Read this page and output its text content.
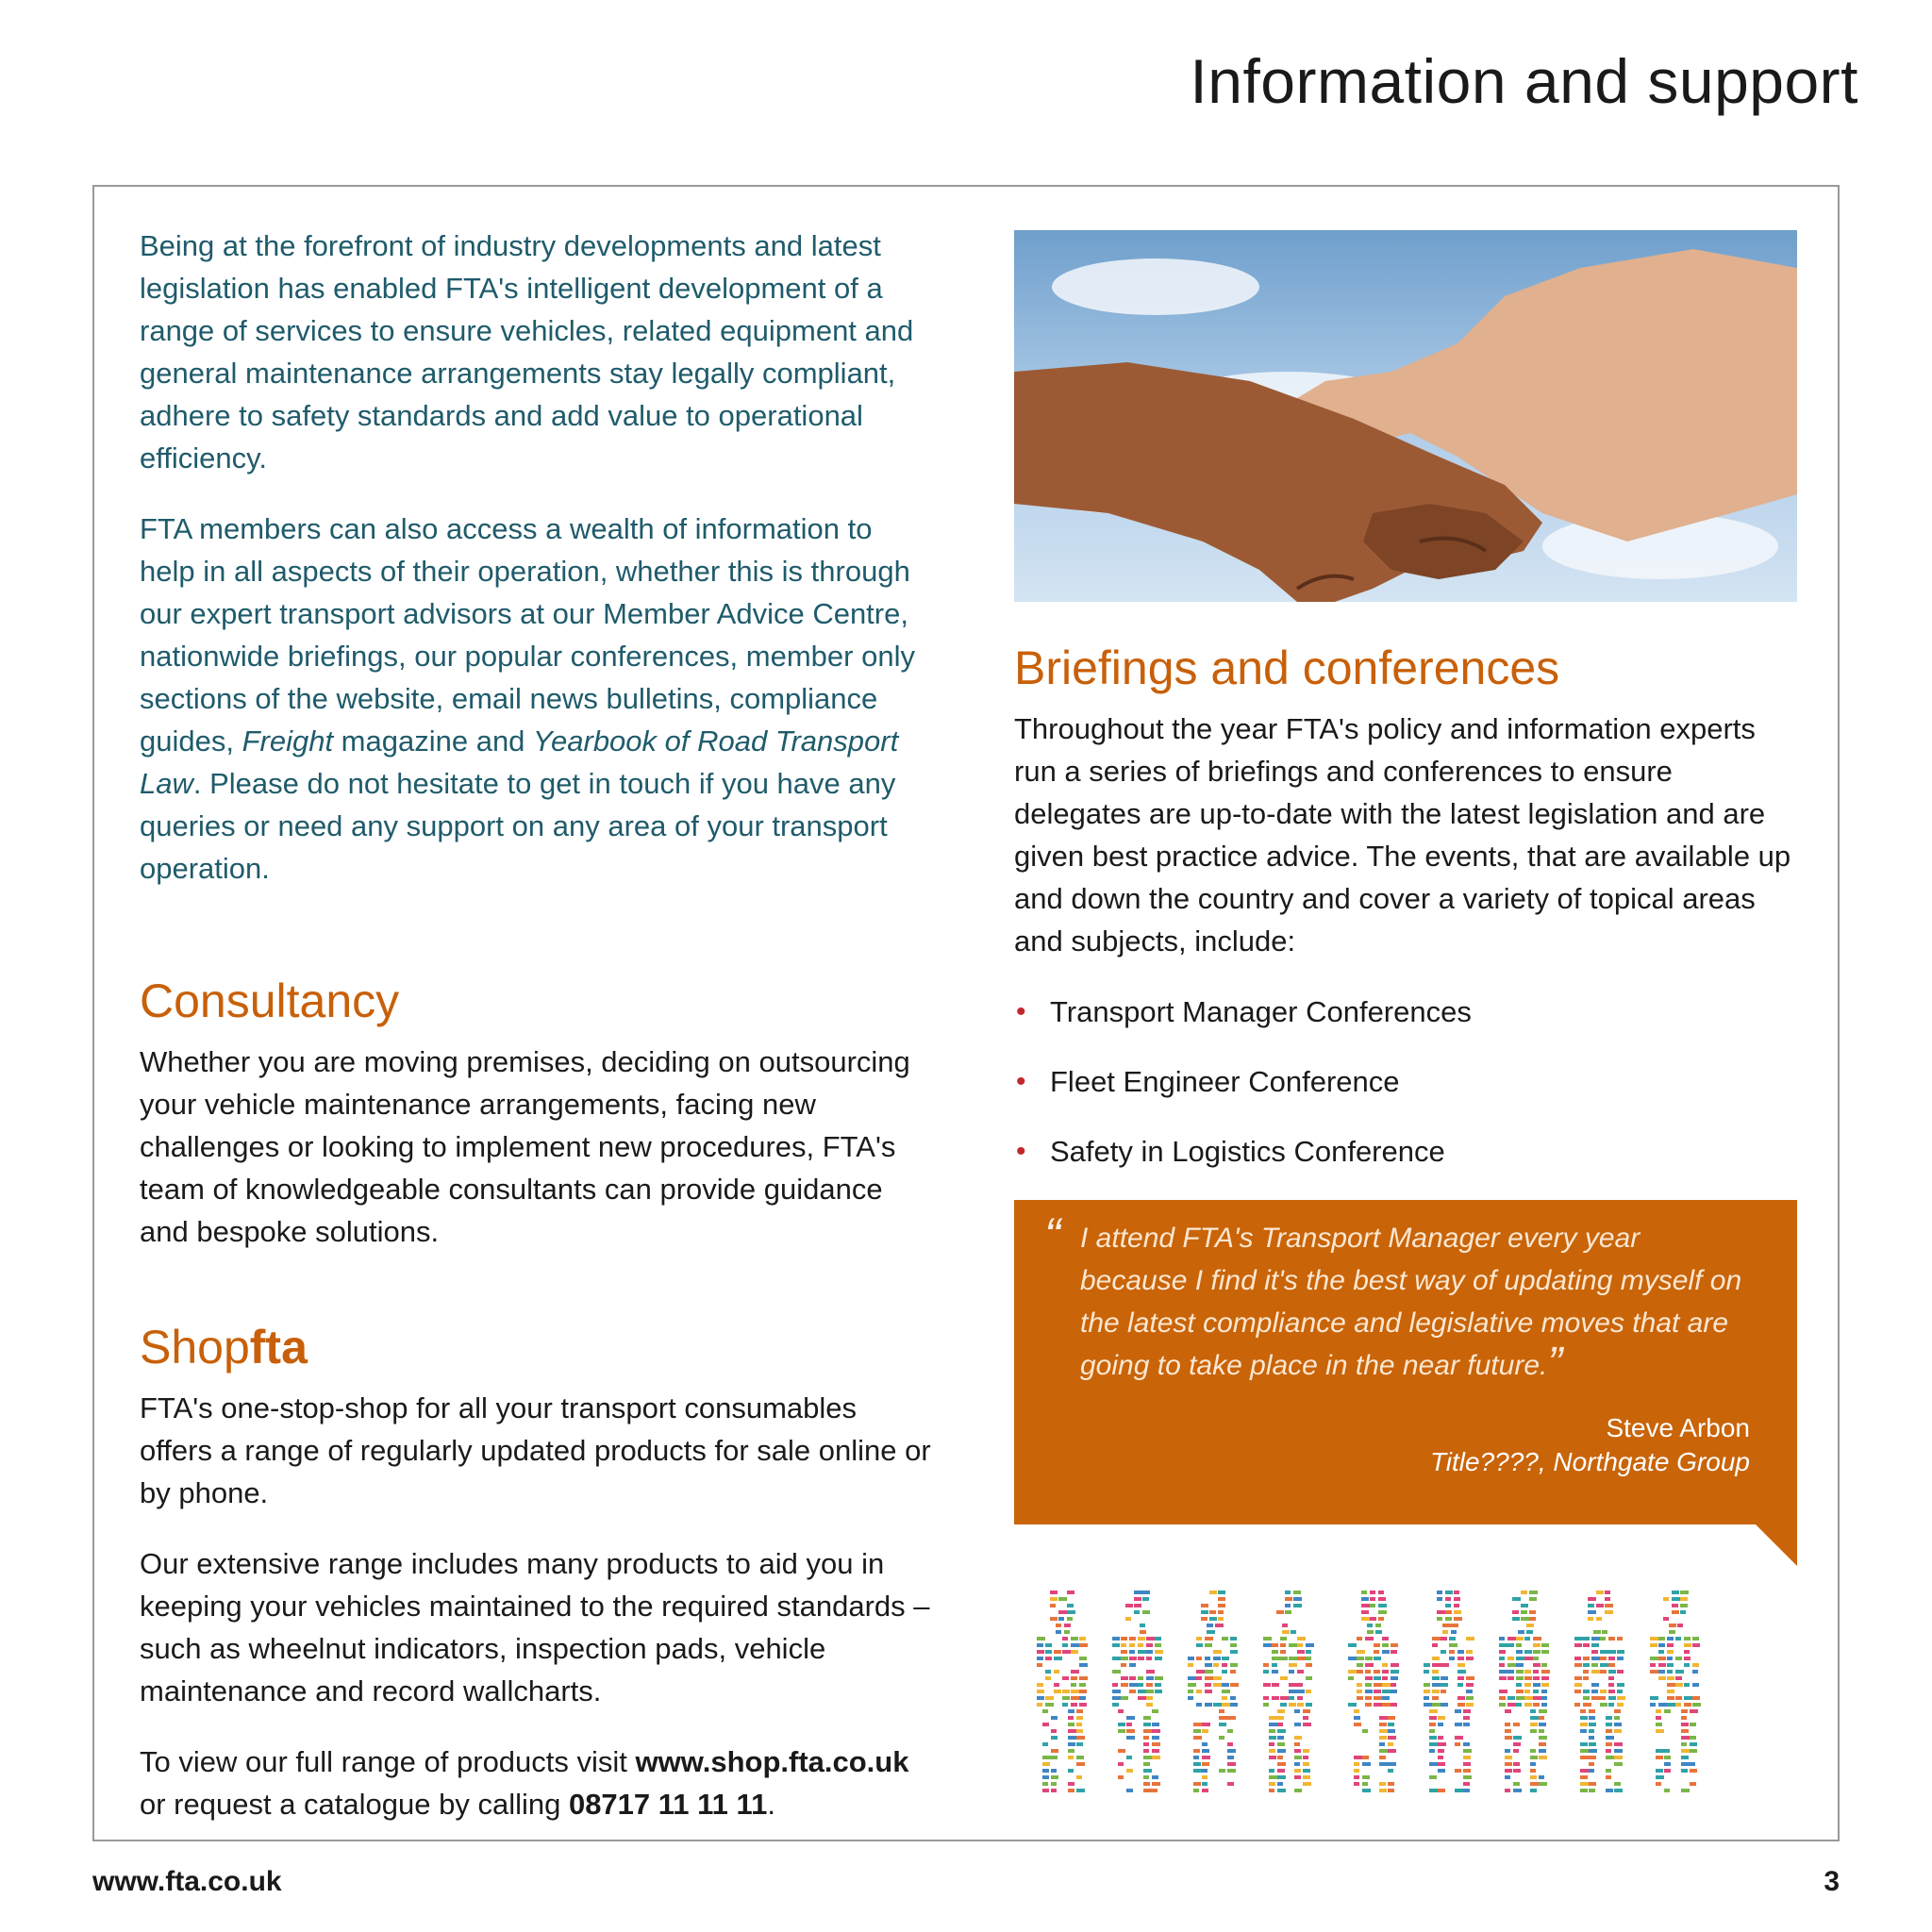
Information and support

Being at the forefront of industry developments and latest legislation has enabled FTA's intelligent development of a range of services to ensure vehicles, related equipment and general maintenance arrangements stay legally compliant, adhere to safety standards and add value to operational efficiency.

FTA members can also access a wealth of information to help in all aspects of their operation, whether this is through our expert transport advisors at our Member Advice Centre, nationwide briefings, our popular conferences, member only sections of the website, email news bulletins, compliance guides, Freight magazine and Yearbook of Road Transport Law. Please do not hesitate to get in touch if you have any queries or need any support on any area of your transport operation.

Consultancy

Whether you are moving premises, deciding on outsourcing your vehicle maintenance arrangements, facing new challenges or looking to implement new procedures, FTA's team of knowledgeable consultants can provide guidance and bespoke solutions.

Shopfta

FTA's one-stop-shop for all your transport consumables offers a range of regularly updated products for sale online or by phone.

Our extensive range includes many products to aid you in keeping your vehicles maintained to the required standards – such as wheelnut indicators, inspection pads, vehicle maintenance and record wallcharts.

To view our full range of products visit www.shop.fta.co.uk or request a catalogue by calling 08717 11 11 11.

Briefings and conferences

Throughout the year FTA's policy and information experts run a series of briefings and conferences to ensure delegates are up-to-date with the latest legislation and are given best practice advice. The events, that are available up and down the country and cover a variety of topical areas and subjects, include:

• Transport Manager Conferences
• Fleet Engineer Conference
• Safety in Logistics Conference
“ I attend FTA's Transport Manager every year because I find it's the best way of updating myself on the latest compliance and legislative moves that are going to take place in the near future.”

Steve Arbon
Title????, Northgate Group

www.fta.co.uk	3
